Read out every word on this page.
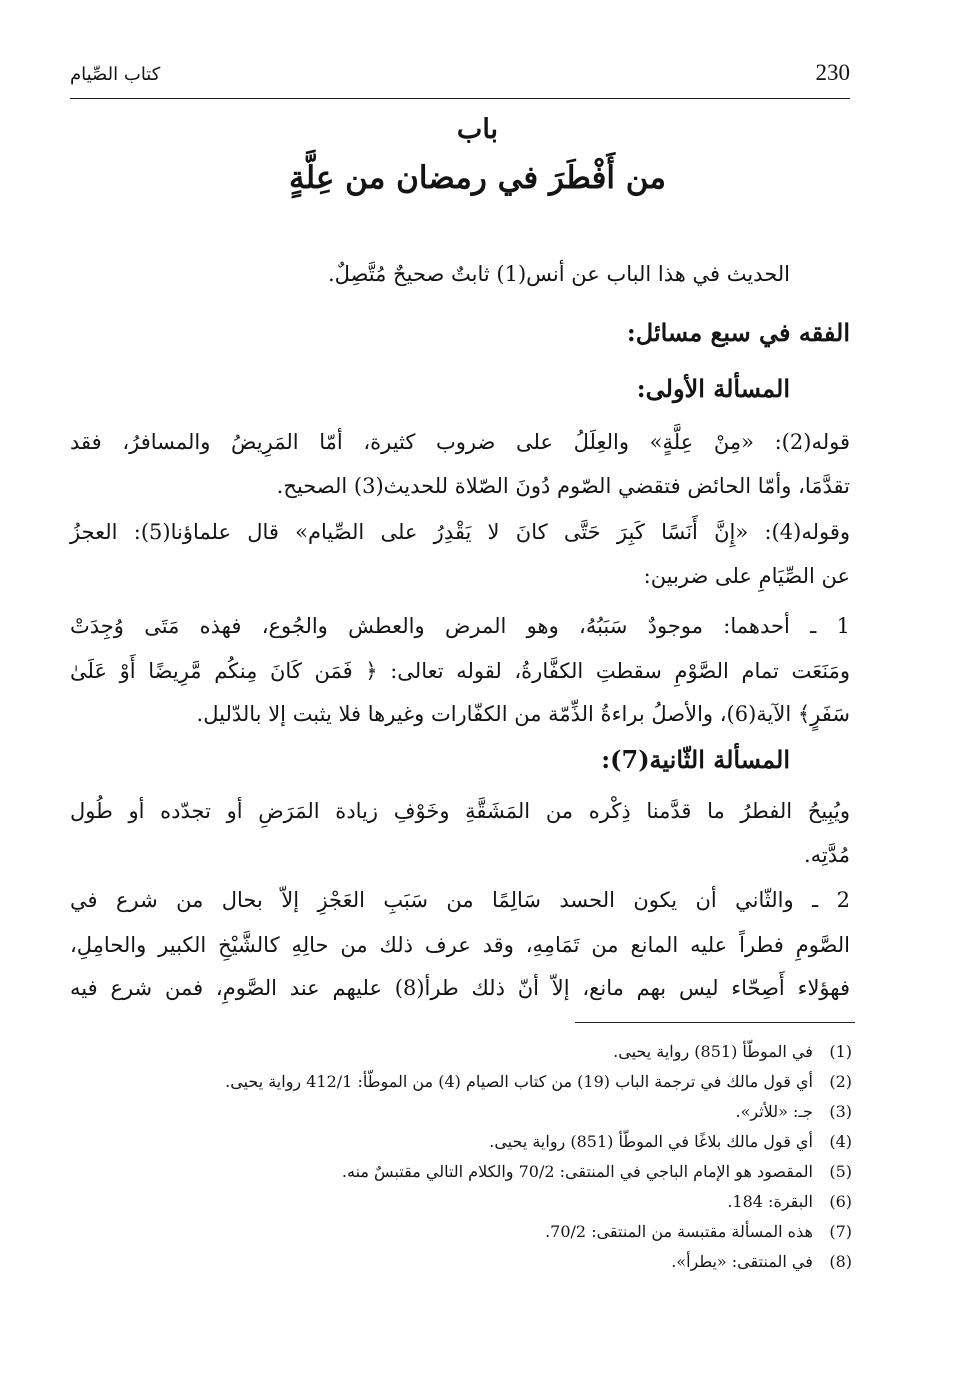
230
كتاب الصِّيام
باب
من أَفْطَرَ في رمضان من عِلَّةٍ
الحديث في هذا الباب عن أنس(1) ثابتٌ صحيحٌ مُتَّصِلٌ.
الفقه في سبع مسائل:
المسألة الأولى:
قوله(2): «مِنْ عِلَّةٍ» والعِلَلُ على ضروب كثيرة، أمّا المَرِيضُ والمسافرُ، فقد
تقدَّمَا، وأمّا الحائض فتقضي الصّوم دُونَ الصّلاة للحديث(3) الصحيح.
وقوله(4): «إِنَّ أَنَسًا كَبِرَ حَتَّى كانَ لا يَقْدِرُ على الصِّيام» قال علماؤنا(5): العجزُ
عن الصِّيَامِ على ضربين:
1 ـ أحدهما: موجودٌ سَبَبُهُ، وهو المرض والعطش والجُوع، فهذه مَتَى وُجِدَتْ
ومَنَعَت تمام الصَّوْمِ سقطتِ الكفَّارةُ، لقوله تعالى: ﴿ فَمَن كَانَ مِنكُم مَّرِيضًا أَوْ عَلَىٰ
سَفَرٍ﴾ الآية(6)، والأصلُ براءةُ الذِّمّة من الكفّارات وغيرها فلا يثبت إلا بالدّليل.
المسألة الثّانية(7):
ويُبِيحُ الفطرُ ما قدَّمنا ذِكْره من المَشَقَّةِ وخَوْفِ زيادة المَرَضِ أو تجدّده أو طُول
مُدَّتِه.
2 ـ والثّاني أن يكون الحسد سَالِمًا من سَبَبِ العَجْزِ إلاّ بحال من شرع في
الصَّومِ فطراً عليه المانع من تَمَامِهِ، وقد عرف ذلك من حالِهِ كالشَّيْخِ الكبير والحامِلِ،
فهؤلاء أَصِحّاء ليس بهم مانع، إلاّ أنّ ذلك طرأ(8) عليهم عند الصَّومِ، فمن شرع فيه
(1) في الموطّأ (851) رواية يحيى.
(2) أي قول مالك في ترجمة الباب (19) من كتاب الصيام (4) من الموطّأ: 412/1 رواية يحيى.
(3) جـ: «للأثر».
(4) أي قول مالك بلاغًا في الموطّأ (851) رواية يحيى.
(5) المقصود هو الإمام الباجي في المنتقى: 70/2 والكلام التالي مقتبسٌ منه.
(6) البقرة: 184.
(7) هذه المسألة مقتبسة من المنتقى: 70/2.
(8) في المنتقى: «يطرأ».
